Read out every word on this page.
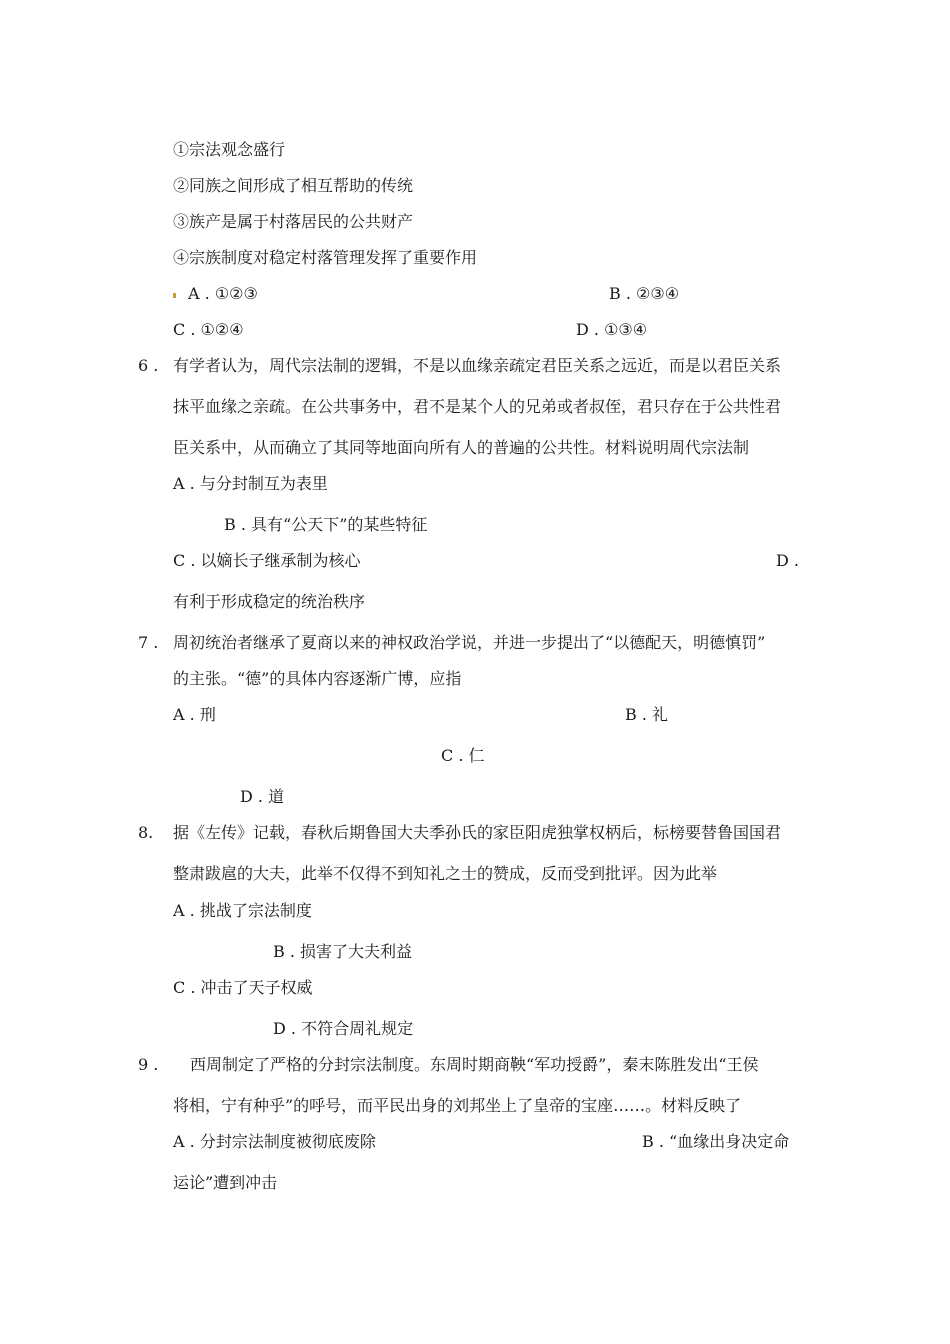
①宗法观念盛行
②同族之间形成了相互帮助的传统
③族产是属于村落居民的公共财产
④宗族制度对稳定村落管理发挥了重要作用
A . ①②③	B . ②③④
C . ①②④	D . ①③④
6 . 有学者认为，周代宗法制的逻辑，不是以血缘亲疏定君臣关系之远近，而是以君臣关系
抹平血缘之亲疏。在公共事务中，君不是某个人的兄弟或者叔侄，君只存在于公共性君
臣关系中，从而确立了其同等地面向所有人的普遍的公共性。材料说明周代宗法制
A . 与分封制互为表里
B . 具有“公天下”的某些特征
C . 以嫡长子继承制为核心	D .
有利于形成稳定的统治秩序
7 . 周初统治者继承了夏商以来的神权政治学说，并进一步提出了“以德配天，明德慎罚”
的主张。“德”的具体内容逐渐广博，应指
A . 刑	B . 礼
C . 仁
D . 道
8. 据《左传》记载，春秋后期鲁国大夫季孙氏的家臣阳虎独掌权柄后，标榜要替鲁国国君
整肃跋扈的大夫，此举不仅得不到知礼之士的赞成，反而受到批评。因为此举
A . 挑战了宗法制度
B . 损害了大夫利益
C . 冲击了天子权威
D . 不符合周礼规定
9 . 西周制定了严格的分封宗法制度。东周时期商鞅“军功授爵”，秦末陈胜发出“王侯
将相，宁有种乎”的呼号，而平民出身的刘邦坐上了皇帝的宝座……。材料反映了
A . 分封宗法制度被彻底废除	B . “血缘出身决定命
运论”遭到冲击
